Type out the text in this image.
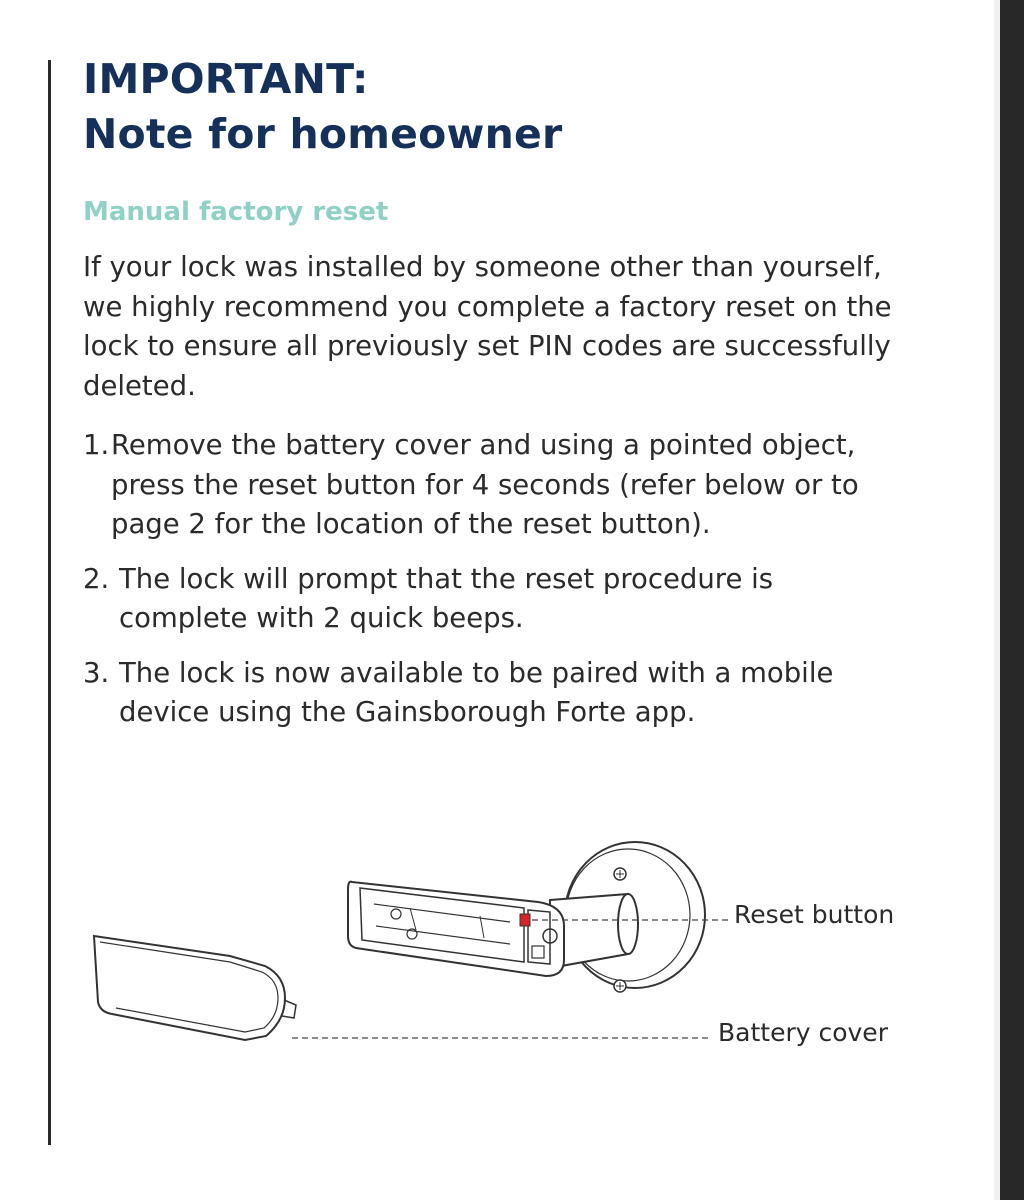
IMPORTANT:
Note for homeowner
Manual factory reset

If your lock was installed by someone other than yourself, we highly recommend you complete a factory reset on the lock to ensure all previously set PIN codes are successfully deleted.

1. Remove the battery cover and using a pointed object, press the reset button for 4 seconds (refer below or to page 2 for the location of the reset button).
2. The lock will prompt that the reset procedure is complete with 2 quick beeps.
3. The lock is now available to be paired with a mobile device using the Gainsborough Forte app.
Reset button
Battery cover
